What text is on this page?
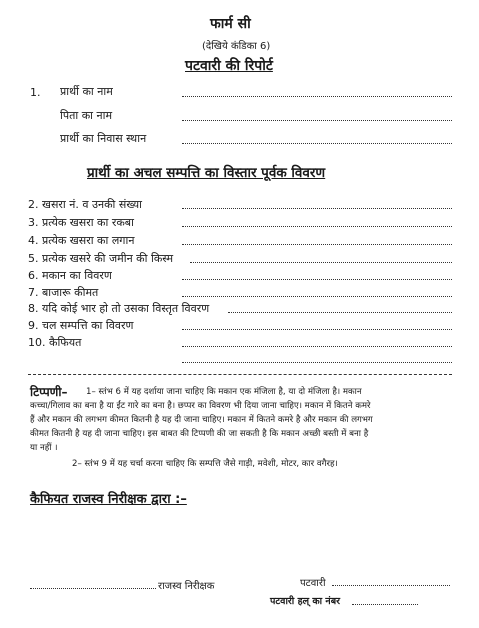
फार्म सी
(देखिये कंडिका 6)
पटवारी की रिपोर्ट
1. प्रार्थी का नाम
पिता का नाम
प्रार्थी का निवास स्थान
प्रार्थी का अचल सम्पत्ति का विस्तार पूर्वक विवरण
2. खसरा नं. व उनकी संख्या
3. प्रत्येक खसरा का रकबा
4. प्रत्येक खसरा का लगान
5. प्रत्येक खसरे की जमीन की किस्म
6. मकान का विवरण
7. बाजारू कीमत
8. यदि कोई भार हो तो उसका विस्तृत विवरण
9. चल सम्पत्ति का विवरण
10. कैफियत
टिप्पणी– 1– स्तंभ 6 में यह दर्शाया जाना चाहिए कि मकान एक मंजिला है, या दो मंजिला है। मकान
कच्चा/गिलाव का बना है या ईंट गारे का बना है। छप्पर का विवरण भी दिया जाना चाहिए। मकान में कितने कमरे
हैं और मकान की लगभग कीमत कितनी है यह दी जाना चाहिए। मकान में कितने कमरे है और मकान की लगभग
कीमत कितनी है यह दी जाना चाहिए। इस बाबत की टिप्पणी की जा सकती है कि मकान अच्छी बस्ती में बना है
या नहीं ।
2– स्तंभ 9 में यह चर्चा करना चाहिए कि सम्पत्ति जैसे गाड़ी, मवेशी, मोटर, कार वगैरह।
कैफियत राजस्व निरीक्षक द्वारा :–
राजस्व निरीक्षक	पटवारी
पटवारी हल् का नंबर
